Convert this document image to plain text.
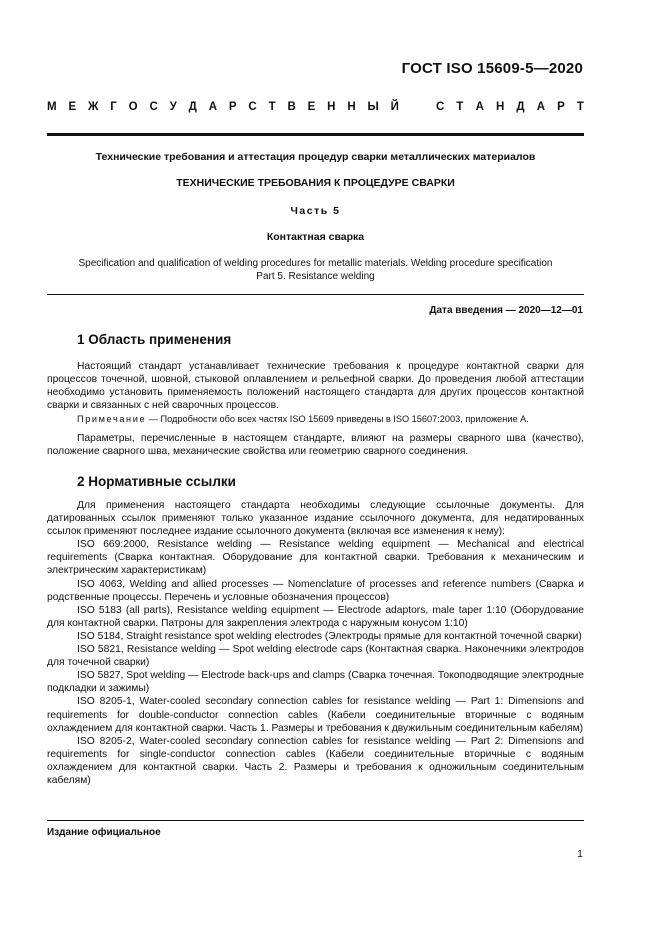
ГОСТ ISO 15609-5—2020
М Е Ж Г О С У Д А Р С Т В Е Н Н Ы Й	С Т А Н Д А Р Т
Технические требования и аттестация процедур сварки металлических материалов
ТЕХНИЧЕСКИЕ ТРЕБОВАНИЯ К ПРОЦЕДУРЕ СВАРКИ
Часть 5
Контактная сварка
Specification and qualification of welding procedures for metallic materials. Welding procedure specification
Part 5. Resistance welding
Дата введения — 2020—12—01
1 Область применения

Настоящий стандарт устанавливает технические требования к процедуре контактной сварки для процессов точечной, шовной, стыковой оплавлением и рельефной сварки. До проведения любой аттестации необходимо установить применяемость положений настоящего стандарта для других процессов контактной сварки и связанных с ней сварочных процессов.

Примечание — Подробности обо всех частях ISO 15609 приведены в ISO 15607:2003, приложение А.

Параметры, перечисленные в настоящем стандарте, влияют на размеры сварного шва (качество), положение сварного шва, механические свойства или геометрию сварного соединения.

2 Нормативные ссылки

Для применения настоящего стандарта необходимы следующие ссылочные документы. Для датированных ссылок применяют только указанное издание ссылочного документа, для недатированных ссылок применяют последнее издание ссылочного документа (включая все изменения к нему):

ISO 669:2000, Resistance welding — Resistance welding equipment — Mechanical and electrical requirements (Сварка контактная. Оборудование для контактной сварки. Требования к механическим и электрическим характеристикам)

ISO 4063, Welding and allied processes — Nomenclature of processes and reference numbers (Сварка и родственные процессы. Перечень и условные обозначения процессов)

ISO 5183 (all parts), Resistance welding equipment — Electrode adaptors, male taper 1:10 (Оборудование для контактной сварки. Патроны для закрепления электрода с наружным конусом 1:10)

ISO 5184, Straight resistance spot welding electrodes (Электроды прямые для контактной точечной сварки)

ISO 5821, Resistance welding — Spot welding electrode caps (Контактная сварка. Наконечники электродов для точечной сварки)

ISO 5827, Spot welding — Electrode back-ups and clamps (Сварка точечная. Токоподводящие электродные подкладки и зажимы)

ISO 8205-1, Water-cooled secondary connection cables for resistance welding — Part 1: Dimensions and requirements for double-conductor connection cables (Кабели соединительные вторичные с водяным охлаждением для контактной сварки. Часть 1. Размеры и требования к двужильным соединительным кабелям)

ISO 8205-2, Water-cooled secondary connection cables for resistance welding — Part 2: Dimensions and requirements for single-conductor connection cables (Кабели соединительные вторичные с водяным охлаждением для контактной сварки. Часть 2. Размеры и требования к одножильным соединительным кабелям)

Издание официальное
1
